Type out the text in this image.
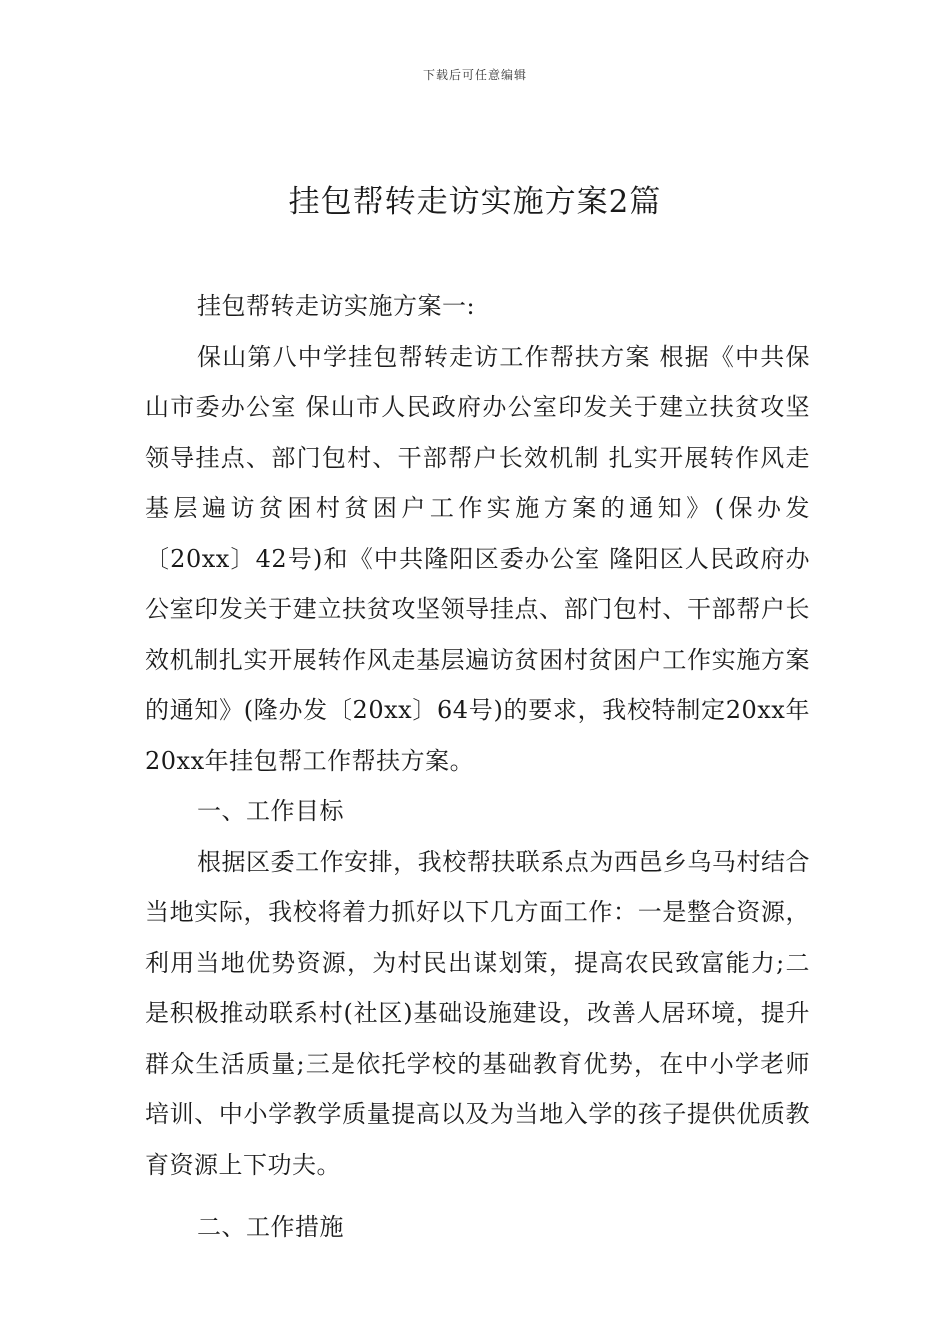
下载后可任意编辑
挂包帮转走访实施方案2篇

挂包帮转走访实施方案一:

保山第八中学挂包帮转走访工作帮扶方案 根据《中共保山市委办公室 保山市人民政府办公室印发关于建立扶贫攻坚领导挂点、部门包村、干部帮户长效机制 扎实开展转作风走基层遍访贫困村贫困户工作实施方案的通知》(保办发〔20xx〕42号)和《中共隆阳区委办公室 隆阳区人民政府办公室印发关于建立扶贫攻坚领导挂点、部门包村、干部帮户长效机制扎实开展转作风走基层遍访贫困村贫困户工作实施方案的通知》(隆办发〔20xx〕64号)的要求，我校特制定20xx年20xx年挂包帮工作帮扶方案。

一、工作目标

根据区委工作安排，我校帮扶联系点为西邑乡乌马村结合当地实际，我校将着力抓好以下几方面工作：一是整合资源，利用当地优势资源，为村民出谋划策，提高农民致富能力;二是积极推动联系村(社区)基础设施建设，改善人居环境，提升群众生活质量;三是依托学校的基础教育优势，在中小学老师培训、中小学教学质量提高以及为当地入学的孩子提供优质教育资源上下功夫。

二、工作措施
